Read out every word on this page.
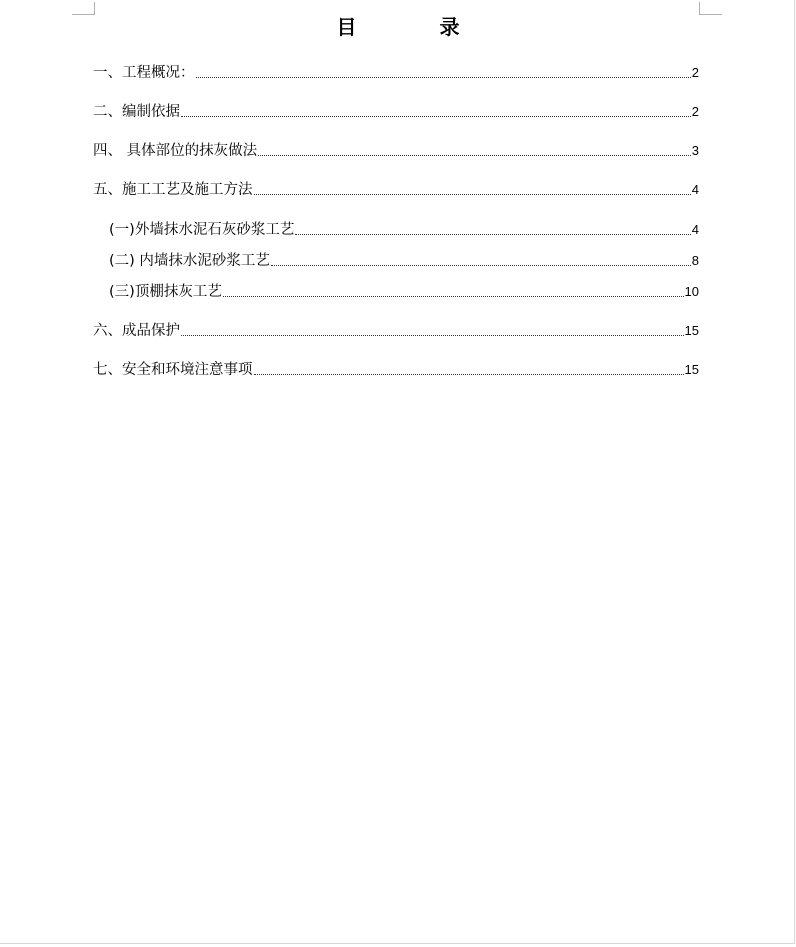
目 录
一、工程概况：	2
二、编制依据	2
四、 具体部位的抹灰做法	3
五、施工工艺及施工方法	4
(一)外墙抹水泥石灰砂浆工艺	4
(二) 内墙抹水泥砂浆工艺	8
(三)顶棚抹灰工艺	10
六、成品保护	15
七、安全和环境注意事项	15
